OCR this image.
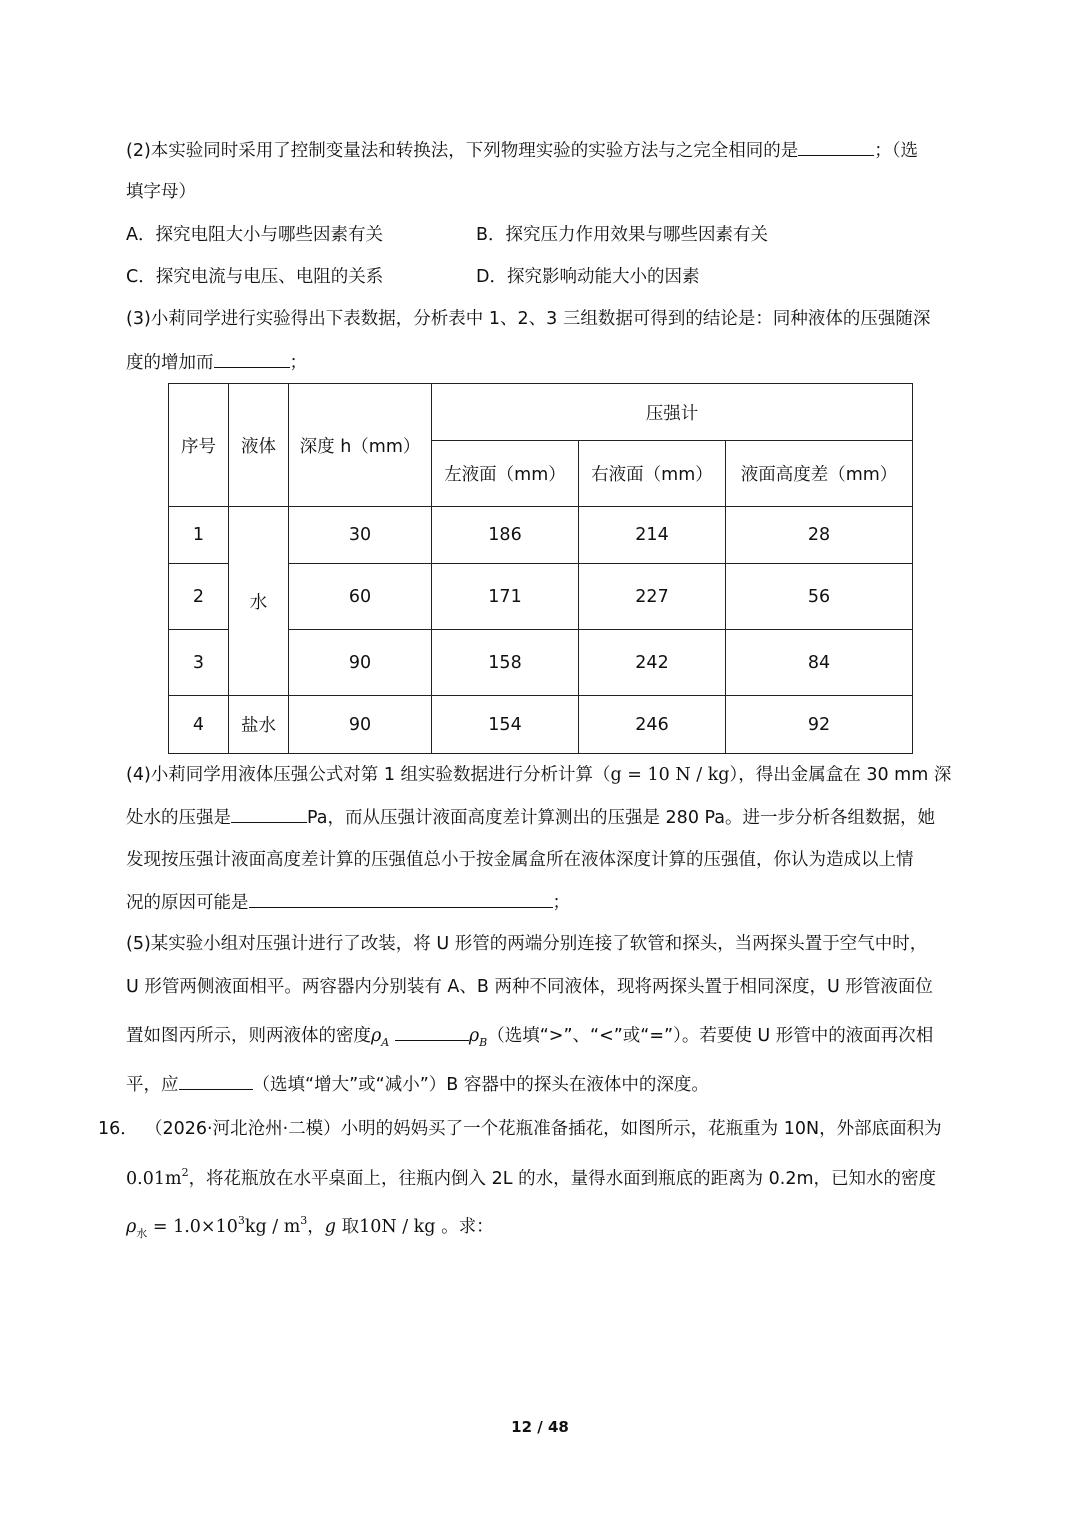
(2)本实验同时采用了控制变量法和转换法，下列物理实验的实验方法与之完全相同的是	；（选
填字母）
A．探究电阻大小与哪些因素有关	B．探究压力作用效果与哪些因素有关
C．探究电流与电压、电阻的关系	D．探究影响动能大小的因素
(3)小莉同学进行实验得出下表数据，分析表中 1、2、3 三组数据可得到的结论是：同种液体的压强随深
度的增加而	；
序号	液体	深度 h（mm）	压强计		
			左液面（mm）	右液面（mm）	液面高度差（mm）
1	水	30	186	214	28
2		60	171	227	56
3		90	158	242	84
4	盐水	90	154	246	92
(4)小莉同学用液体压强公式对第 1 组实验数据进行分析计算（g = 10 N / kg），得出金属盒在 30 mm 深
处水的压强是	Pa，而从压强计液面高度差计算测出的压强是 280 Pa。进一步分析各组数据，她
发现按压强计液面高度差计算的压强值总小于按金属盒所在液体深度计算的压强值，你认为造成以上情
况的原因可能是	；
(5)某实验小组对压强计进行了改装，将 U 形管的两端分别连接了软管和探头，当两探头置于空气中时，
U 形管两侧液面相平。两容器内分别装有 A、B 两种不同液体，现将两探头置于相同深度，U 形管液面位
置如图丙所示，则两液体的密度$\rho_A$	$\rho_B$（选填“>”、“<”或“=”）。若要使 U 形管中的液面再次相
平，应	（选填“增大”或“减小”）B 容器中的探头在液体中的深度。
16． （2026·河北沧州·二模）小明的妈妈买了一个花瓶准备插花，如图所示，花瓶重为 10N，外部底面积为
$0.01m^2$，将花瓶放在水平桌面上，往瓶内倒入 2L 的水，量得水面到瓶底的距离为 0.2m，已知水的密度
$\rho_水 = 1.0\times 10^3kg / m^3$，g 取10N / kg 。求：
12 / 48
